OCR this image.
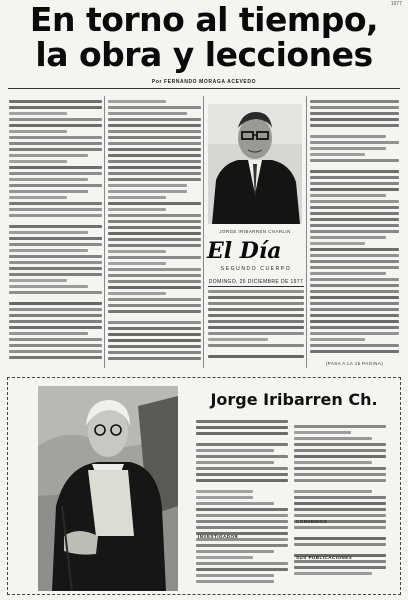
1977
En torno al tiempo,
la obra y lecciones
Por FERNANDO MORAGA ACEVEDO
JORGE IRIBARREN CHARLIN
El Día
SEGUNDO CUERPO
DOMINGO, 25 DICIEMBRE DE 1977
(PASA A LA 15 PAGINA)
Jorge Iribarren Ch.
CONVENIOS
INVESTIGADOR
SUS PUBLICACIONES
